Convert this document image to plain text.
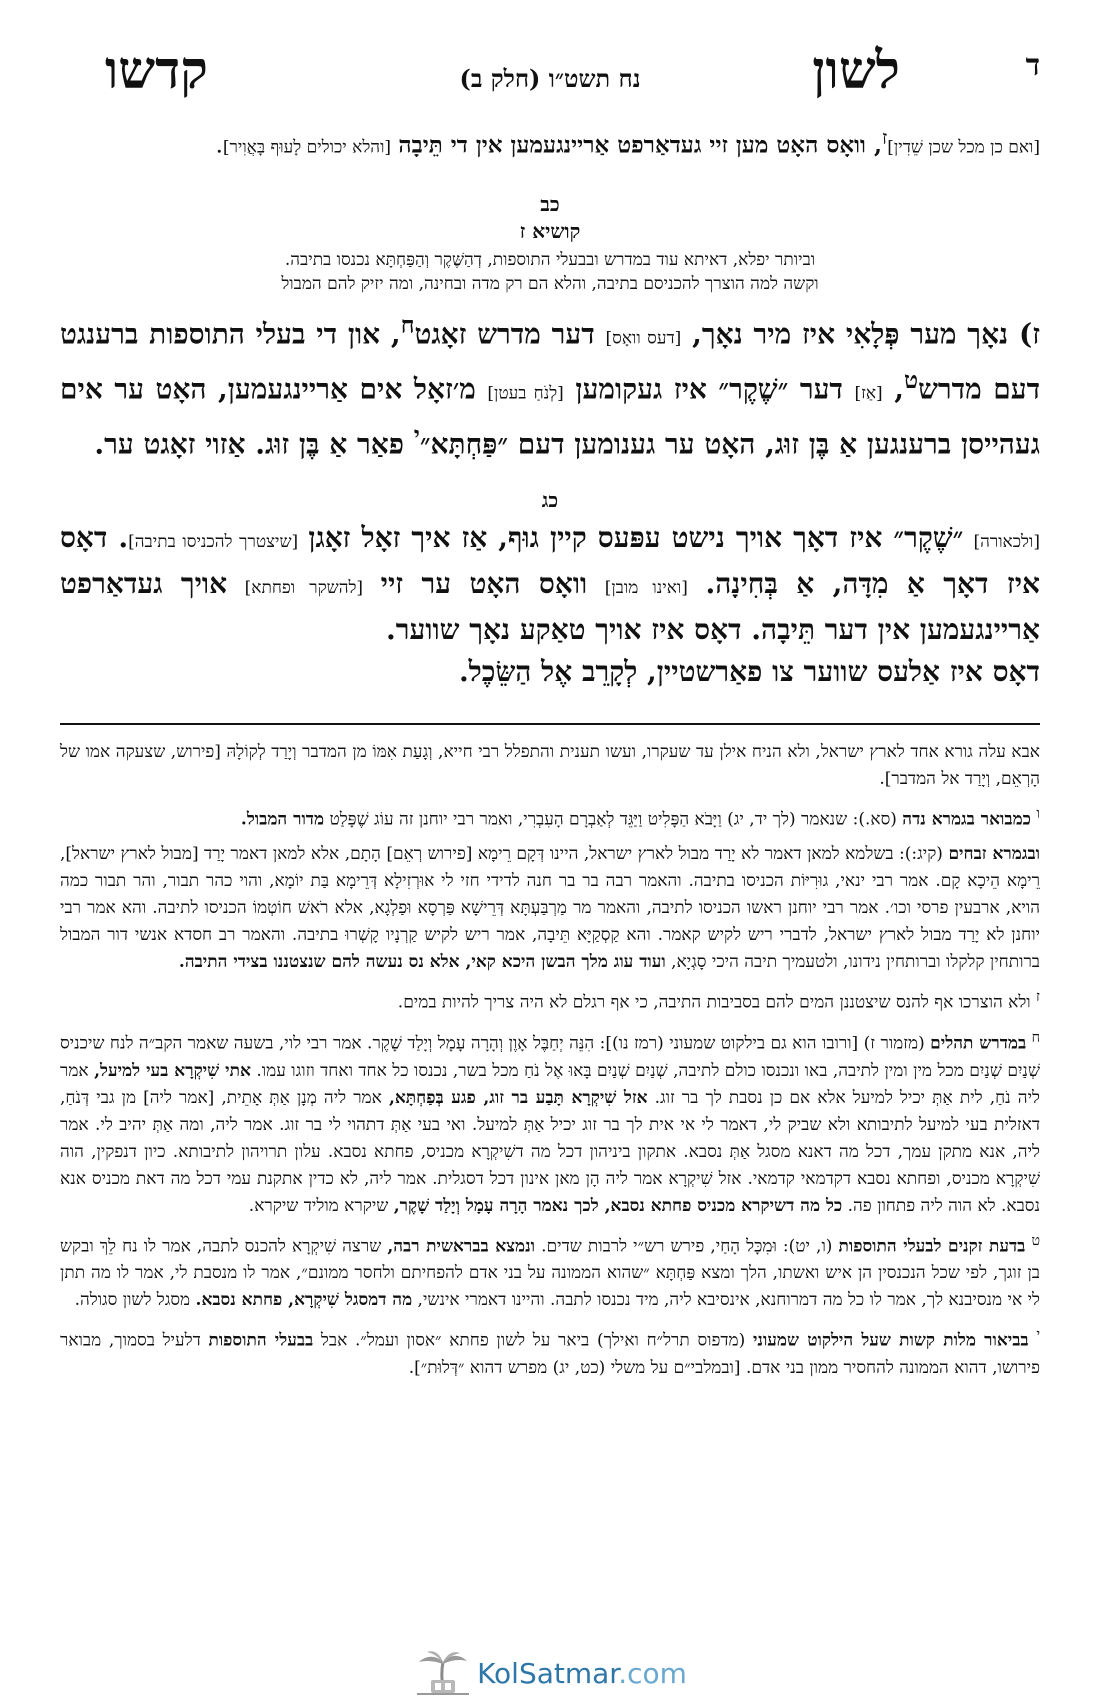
ד
לשון
נח תשט״ו (חלק ב)
קדשו

[ואם כן מכל שכן שֵׁדִין]$^ז$, וואָס האָט מען זיי געדאַרפט אַריינגעמען אין די תֵּיבָה [והלא יכולים לָעוּף בָּאֲוִיר].

כב
קושיא ז
וביותר יפלא, דאיתא עוד במדרש ובבעלי התוספות, דְהַשֶּׁקֶר וְהַפַּחְתָּא נכנסו בתיבה.
וקשה למה הוצרך להכניסם בתיבה, והלא הם רק מדה ובחינה, ומה יזיק להם המבול

ז) נאָך מער פְּלָאִי איז מיר נאָך, [דעס וואָס] דער מדרש זאָגט$^ח$, און די בעלי התוספות ברענגט דעם מדרש$^ט$, [אַז] דער ״שֶׁקֶר״ איז געקומען [לְנֹחַ בעטן] מ׳זאָל אים אַריינגעמען, האָט ער אים געהייסן ברענגען אַ בֶּן זוּג, האָט ער גענומען דעם ״פַּחְתָּא״$^י$ פאַר אַ בֶּן זוּג. אַזוי זאָגט ער.

כג

[ולכאורה] ״שֶׁקֶר״ איז דאָך אויך נישט עפּעס קיין גוּף, אַז איך זאָל זאָגן [שיצטרך להכניסו בתיבה]. דאָס איז דאָך אַ מִדָּה, אַ בְּחִינָה. [ואינו מובן] וואָס האָט ער זיי [להשקר ופחתא] אויך געדאַרפט אַריינגעמען אין דער תֵּיבָה. דאָס איז אויך טאַקע נאָך שווער.

דאָס איז אַלעס שווער צו פאַרשטיין, לְקָרֵב אֶל הַשֵּׂכֶל.

אבא עלה גורא אחד לארץ ישראל, ולא הניח אילן עד שעקרו, ועשו תענית והתפלל רבי חייא, וְגָעַת אִמּוֹ מן המדבר וְיָרַד לְקוֹלָהּ [פירוש, שצעקה אמו של הָרְאֵם, וְיָרַד אל המדבר].

$^ו$ כמבואר בגמרא נדה (סא.): שנאמר (לך יד, יג) וַיָּבֹא הַפָּלִיט וַיַּגֵּד לְאַבְרָם הָעִבְרִי, ואמר רבי יוחנן זה עוֹג שֶׁפָּלַט מדור המבול.

ובגמרא זבחים (קיג:): בשלמא למאן דאמר לא יָרַד מבול לארץ ישראל, היינו דְּקָם רֵימָא [פירוש רְאֵם] הָתָם, אלא למאן דאמר יָרַד [מבול לארץ ישראל], רֵימָא הֵיכָא קָם. אמר רבי ינאי, גוּרִיּוֹת הכניסו בתיבה. והאמר רבה בר בר חנה לדידי חזי לי אוּרְזִילָא דְּרֵימָא בַּת יוֹמָא, והוי כהר תבור, והר תבור כמה הויא, ארבעין פרסי וכו׳. אמר רבי יוחנן ראשו הכניסו לתיבה, והאמר מר מַרְבַּעְתָּא דְּרֵישָׁא פַּרְסָא וּפַלְגָא, אלא רֹאשׁ חוֹטְמוֹ הכניסו לתיבה. והא אמר רבי יוחנן לא יָרַד מבול לארץ ישראל, לדברי ריש לקיש קאמר. והא קַסְקַיָּא תֵּיבָה, אמר ריש לקיש קַרְנָיו קָשְׁרוּ בתיבה. והאמר רב חסדא אנשי דור המבול ברותחין קלקלו וברותחין נידונו, ולטעמיך תיבה היכי סָגְיָא, ועוד עוג מלך הבשן היכא קאי, אלא נס נעשה להם שנצטננו בצידי התיבה.

$^ז$ ולא הוצרכו אף להנס שיצטננן המים להם בסביבות התיבה, כי אף רגלם לא היה צריך להיות במים.

$^ח$ במדרש תהלים (מזמור ז) [ורובו הוא גם בילקוט שמעוני (רמז נו)]: הִנֵּה יְחַבֶּל אָוֶן וְהָרָה עָמָל וְיָלַד שָׁקֶר. אמר רבי לוי, בשעה שאמר הקב״ה לנח שיכניס שְׁנַיִם שְׁנַיִם מכל מין ומין לתיבה, באו ונכנסו כולם לתיבה, שְׁנַיִם שְׁנַיִם בָּאוּ אֶל נֹחַ מכל בשר, נכנסו כל אחד ואחד וזוגו עמו. אתי שִׁיקְרָא בעי למיעל, אמר ליה נֹחַ, לית אַתְּ יכיל למיעל אלא אם כן נסבת לך בר זוג. אזל שִׁיקְרָא תָּבַע בר זוג, פגע בְּפַחְתָּא, אמר ליה מְנָן אַתְּ אָתֵית, [אמר ליה] מן גבי דְּנֹחַ, דאזלית בעי למיעל לתיבותא ולא שביק לי, דאמר לי אי אית לך בר זוג יכיל אַתְּ למיעל. ואי בעי אַתְּ דתהוי לי בר זוג. אמר ליה, ומה אַתְּ יהיב לי. אמר ליה, אנא מתקן עמך, דכל מה דאנא מסגל אַתְּ נסבא. אתקון ביניהון דכל מה דשִׁיקְרָא מכניס, פחתא נסבא. עלון תרויהון לתיבותא. כיון דנפקין, הוה שִׁיקְרָא מכניס, ופחתא נסבא דקדמאי קדמאי. אזל שִׁיקְרָא אמר ליה הָן מאן אינון דכל דסגלית. אמר ליה, לא כדין אתקנת עמי דכל מה דאת מכניס אנא נסבא. לא הוה ליה פתחון פה. כל מה דשיקרא מכניס פחתא נסבא, לכך נאמר הָרָה עָמָל וְיָלַד שָׁקֶר, שיקרא מוליד שיקרא.

$^ט$ בדעת זקנים לבעלי התוספות (ו, יט): וּמִכָּל הָחַי, פירש רש״י לרבות שדים. ונמצא בבראשית רבה, שרצה שִׁיקְרָא להכנס לתבה, אמר לו נח לֵךְ ובקש בן זוגך, לפי שכל הנכנסין הן איש ואשתו, הלך ומצא פַּחְתָּא ״שהוא הממונה על בני אדם להפחיתם ולחסר ממונם״, אמר לו מנסבת לי, אמר לו מה תתן לי אי מנסיבנא לך, אמר לו כל מה דמרוחנא, אינסיבא ליה, מיד נכנסו לתבה. והיינו דאמרי אינשי, מה דמסגל שִׁיקְרָא, פחתא נסבא. מסגל לשון סגולה.

$^י$ בביאור מלות קשות שעל הילקוט שמעוני (מדפוס תרל״ח ואילך) ביאר על לשון פחתא ״אסון ועמל״. אבל בבעלי התוספות דלעיל בסמוך, מבואר פירושו, דהוא הממונה להחסיר ממון בני אדם. [ובמלבי״ם על משלי (כט, יג) מפרש דהוא ״דְּלוּת״].

KolSatmar.com
